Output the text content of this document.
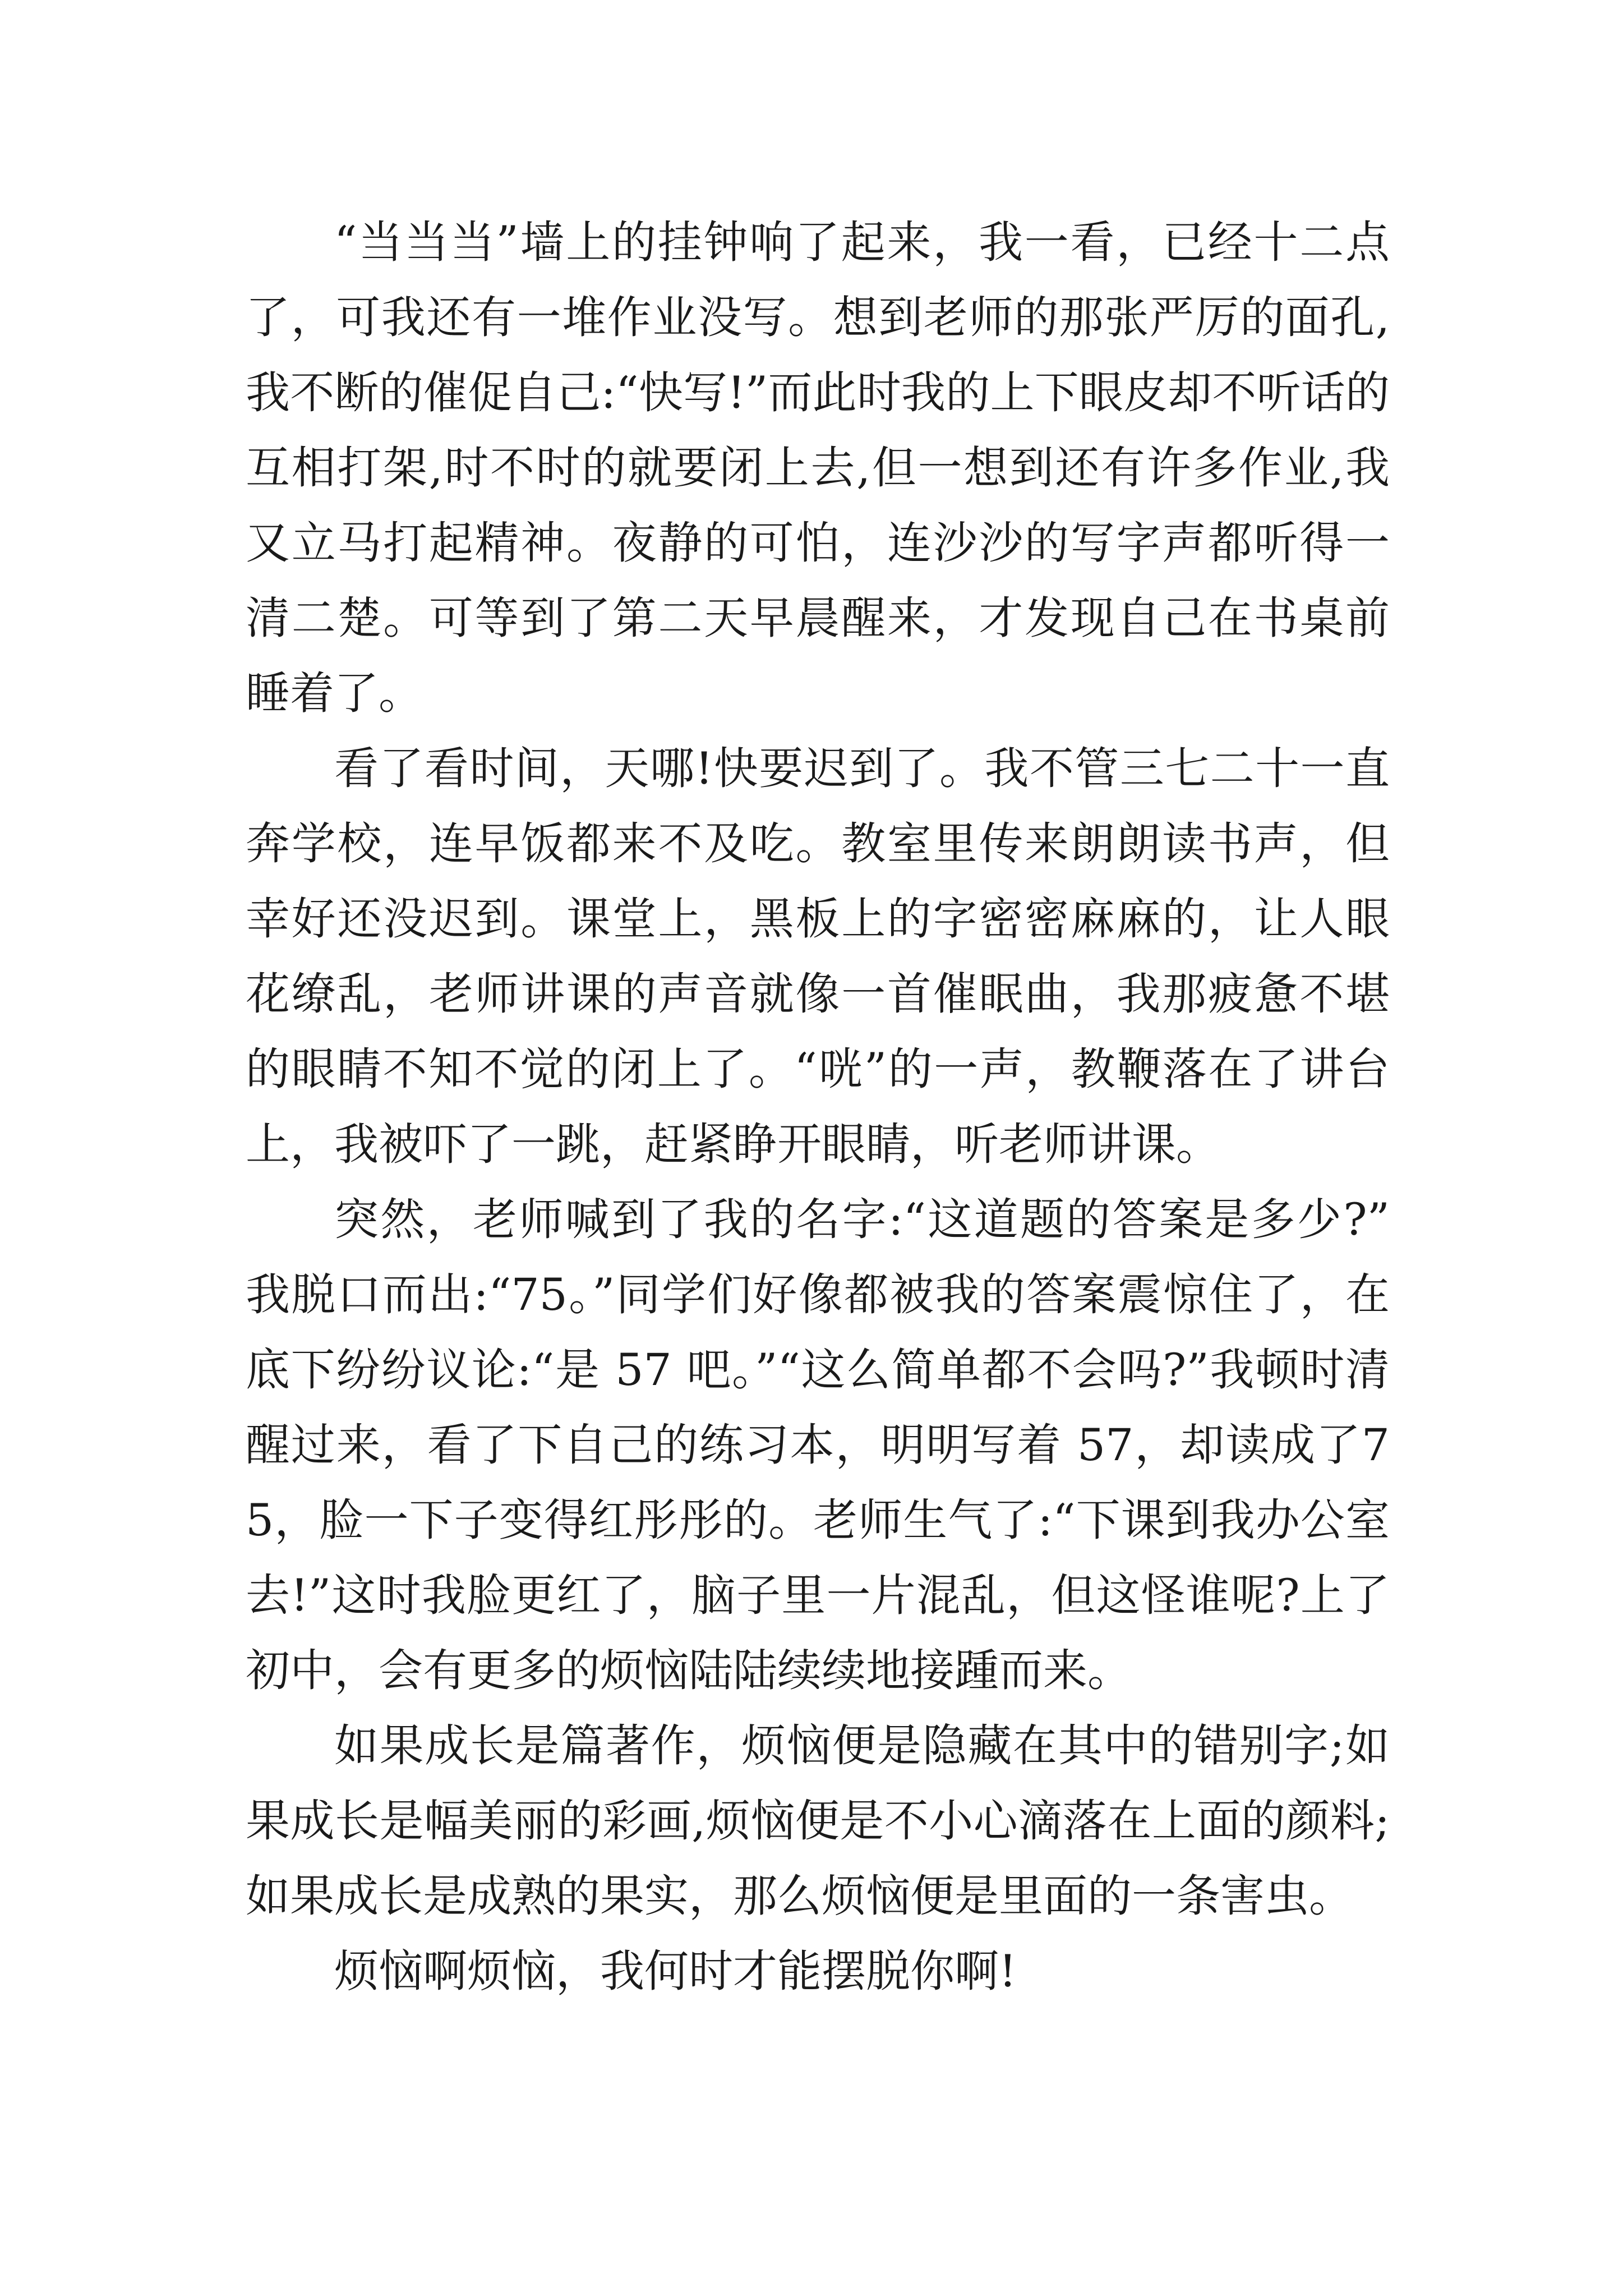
“当当当”墙上的挂钟响了起来，我一看，已经十二点了，可我还有一堆作业没写。想到老师的那张严厉的面孔,我不断的催促自己:“快写!”而此时我的上下眼皮却不听话的互相打架,时不时的就要闭上去,但一想到还有许多作业,我又立马打起精神。夜静的可怕，连沙沙的写字声都听得一清二楚。可等到了第二天早晨醒来，才发现自己在书桌前睡着了。

看了看时间，天哪!快要迟到了。我不管三七二十一直奔学校，连早饭都来不及吃。教室里传来朗朗读书声，但幸好还没迟到。课堂上，黑板上的字密密麻麻的，让人眼花缭乱，老师讲课的声音就像一首催眠曲，我那疲惫不堪的眼睛不知不觉的闭上了。“咣”的一声，教鞭落在了讲台上，我被吓了一跳，赶紧睁开眼睛，听老师讲课。

突然，老师喊到了我的名字:“这道题的答案是多少?”我脱口而出:“75。”同学们好像都被我的答案震惊住了，在底下纷纷议论:“是 57 吧。”“这么简单都不会吗?”我顿时清醒过来，看了下自己的练习本，明明写着 57，却读成了75，脸一下子变得红彤彤的。老师生气了:“下课到我办公室去!”这时我脸更红了，脑子里一片混乱，但这怪谁呢?上了初中，会有更多的烦恼陆陆续续地接踵而来。

如果成长是篇著作，烦恼便是隐藏在其中的错别字;如果成长是幅美丽的彩画,烦恼便是不小心滴落在上面的颜料;如果成长是成熟的果实，那么烦恼便是里面的一条害虫。

烦恼啊烦恼，我何时才能摆脱你啊!
